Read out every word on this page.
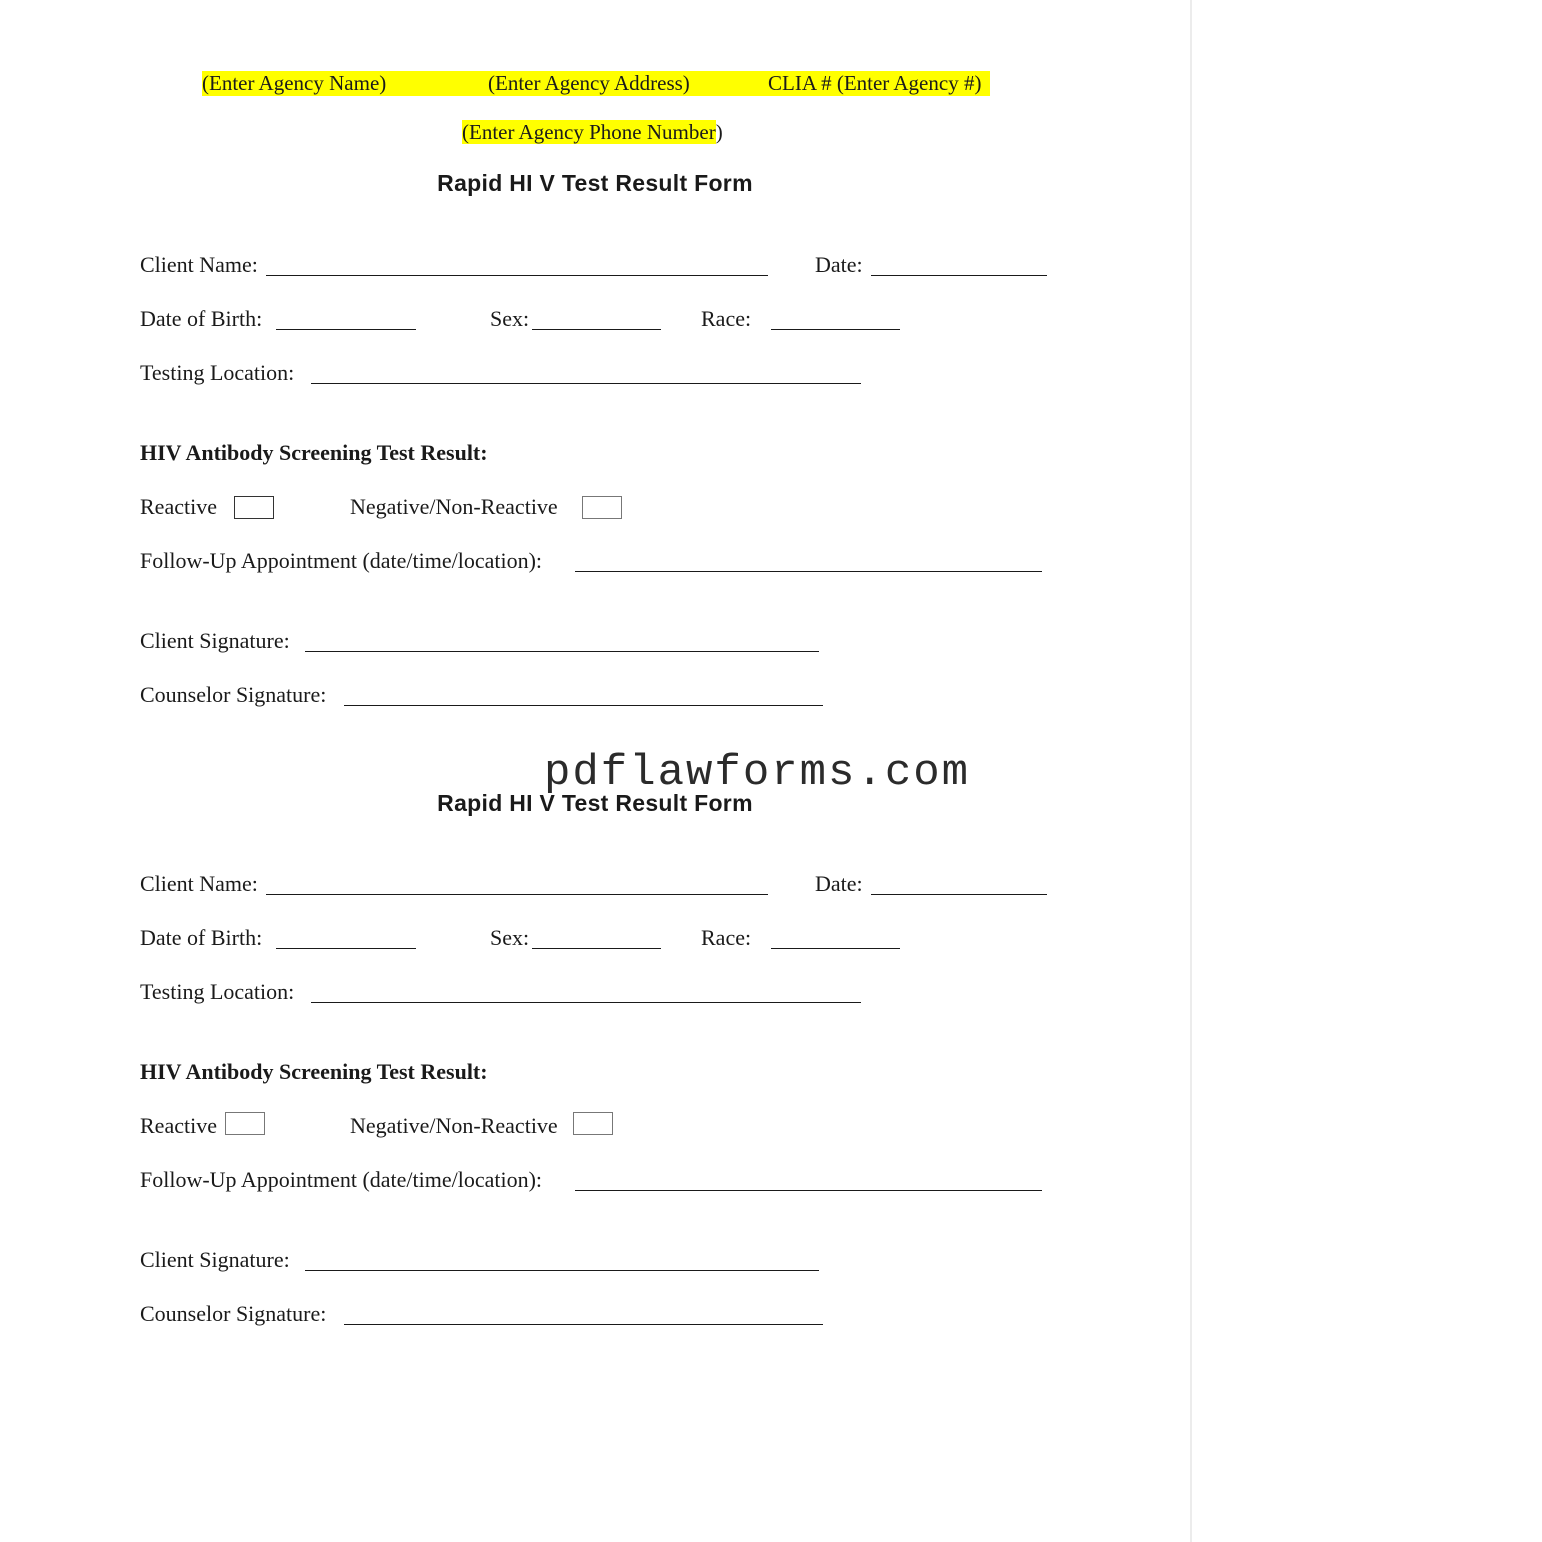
(Enter Agency Name)	(Enter Agency Address)	CLIA # (Enter Agency #)
(Enter Agency Phone Number)
Rapid HI V Test Result Form
Client Name:	Date:
Date of Birth:	Sex:	Race:
Testing Location:
HIV Antibody Screening Test Result:
Reactive	Negative/Non-Reactive
Follow-Up Appointment (date/time/location):
Client Signature:
Counselor Signature:
pdflawforms.com
Rapid HI V Test Result Form
Client Name:	Date:
Date of Birth:	Sex:	Race:
Testing Location:
HIV Antibody Screening Test Result:
Reactive	Negative/Non-Reactive
Follow-Up Appointment (date/time/location):
Client Signature:
Counselor Signature:
